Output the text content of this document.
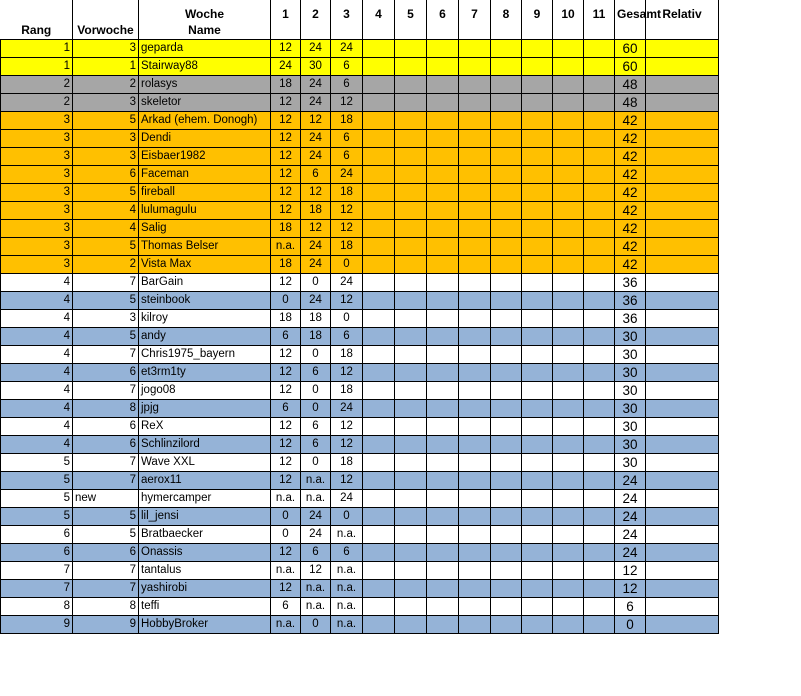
		Woche	1	2	3	4	5	6	7	8	9	10	11	Gesamt	Relativ
Rang	Vorwoche	Name													
1	3	geparda	12	24	24									60	
1	1	Stairway88	24	30	6									60	
2	2	rolasys	18	24	6									48	
2	3	skeletor	12	24	12									48	
3	5	Arkad (ehem. Donogh)	12	12	18									42	
3	3	Dendi	12	24	6									42	
3	3	Eisbaer1982	12	24	6									42	
3	6	Faceman	12	6	24									42	
3	5	fireball	12	12	18									42	
3	4	lulumagulu	12	18	12									42	
3	4	Salig	18	12	12									42	
3	5	Thomas Belser	n.a.	24	18									42	
3	2	Vista Max	18	24	0									42	
4	7	BarGain	12	0	24									36	
4	5	steinbook	0	24	12									36	
4	3	kilroy	18	18	0									36	
4	5	andy	6	18	6									30	
4	7	Chris1975_bayern	12	0	18									30	
4	6	et3rm1ty	12	6	12									30	
4	7	jogo08	12	0	18									30	
4	8	jpjg	6	0	24									30	
4	6	ReX	12	6	12									30	
4	6	Schlinzilord	12	6	12									30	
5	7	Wave XXL	12	0	18									30	
5	7	aerox11	12	n.a.	12									24	
5	new	hymercamper	n.a.	n.a.	24									24	
5	5	lil_jensi	0	24	0									24	
6	5	Bratbaecker	0	24	n.a.									24	
6	6	Onassis	12	6	6									24	
7	7	tantalus	n.a.	12	n.a.									12	
7	7	yashirobi	12	n.a.	n.a.									12	
8	8	teffi	6	n.a.	n.a.									6	
9	9	HobbyBroker	n.a.	0	n.a.									0	
